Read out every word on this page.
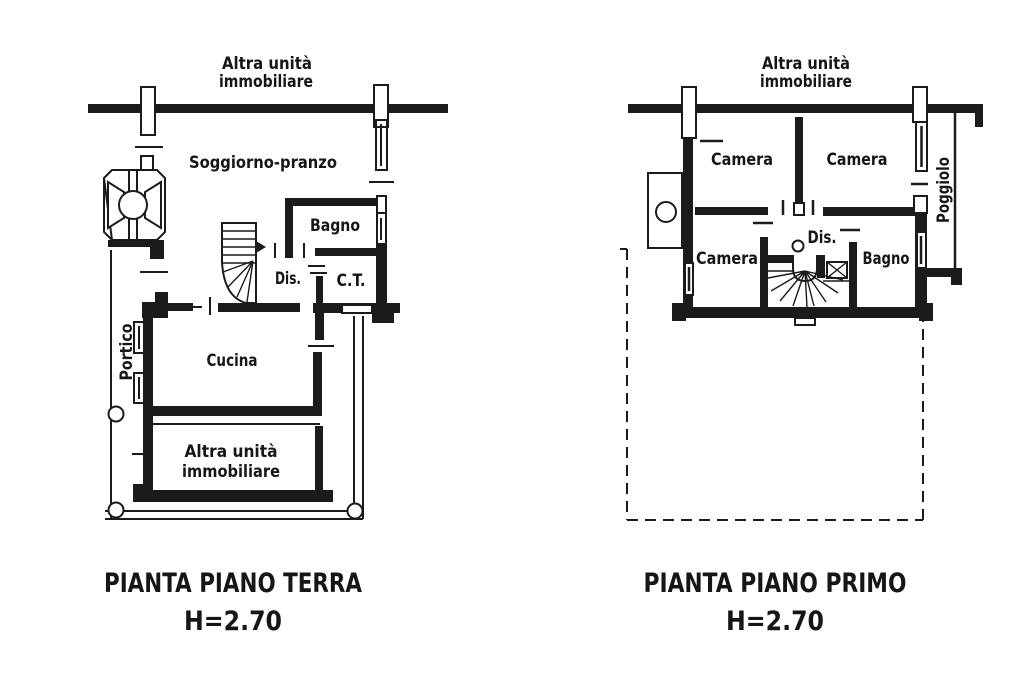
Altra unità
immobiliare
Soggiorno-pranzo
Bagno
Dis. C.T.
Cucina
Portico
Altra unità
immobiliare
PIANTA PIANO TERRA
H=2.70
Altra unità
immobiliare
Camera	Camera	Poggiolo
Dis.
Camera	Bagno
PIANTA PIANO PRIMO
H=2.70
